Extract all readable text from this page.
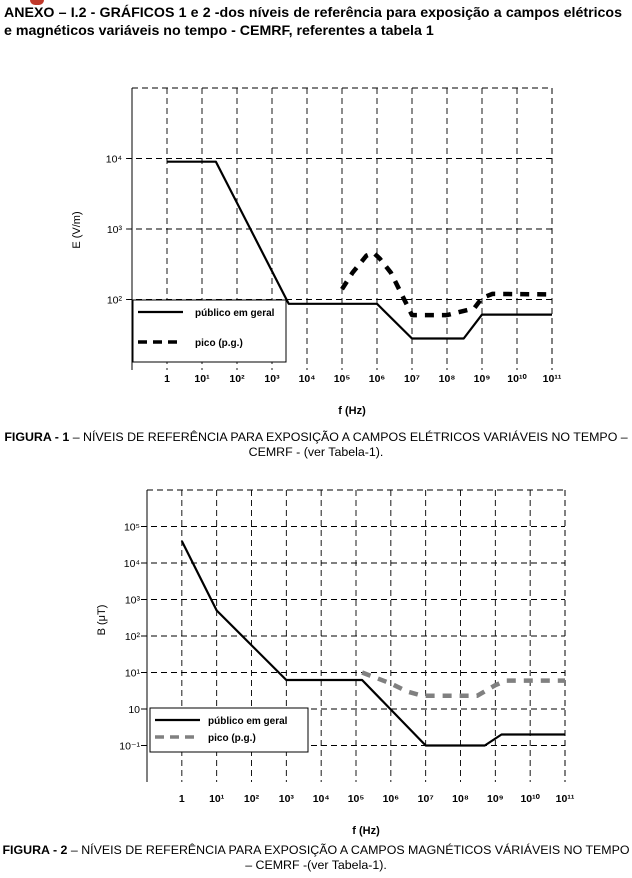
ANEXO – I.2 - GRÁFICOS 1 e 2 -dos níveis de referência para exposição a campos elétricos e magnéticos variáveis no tempo - CEMRF, referentes a tabela 1

1 10¹ 10² 10³ 10⁴ 10⁵ 10⁶ 10⁷ 10⁸ 10⁹ 10¹⁰ 10¹¹
10²
10³
10⁴
f (Hz)
E (V/m)
público em geral
pico (p.g.)
1 10¹ 10² 10³ 10⁴ 10⁵ 10⁶ 10⁷ 10⁸ 10⁹ 10¹⁰ 10¹¹
10⁵
10⁴
10³
10²
10¹
10
10⁻¹
f (Hz)
B (μT)
público em geral
pico (p.g.)

FIGURA - 1 – NÍVEIS DE REFERÊNCIA PARA EXPOSIÇÃO A CAMPOS ELÉTRICOS VARIÁVEIS NO TEMPO – CEMRF - (ver Tabela-1).

FIGURA - 2 – NÍVEIS DE REFERÊNCIA PARA EXPOSIÇÃO A CAMPOS MAGNÉTICOS VÁRIÁVEIS NO TEMPO – CEMRF -(ver Tabela-1).
